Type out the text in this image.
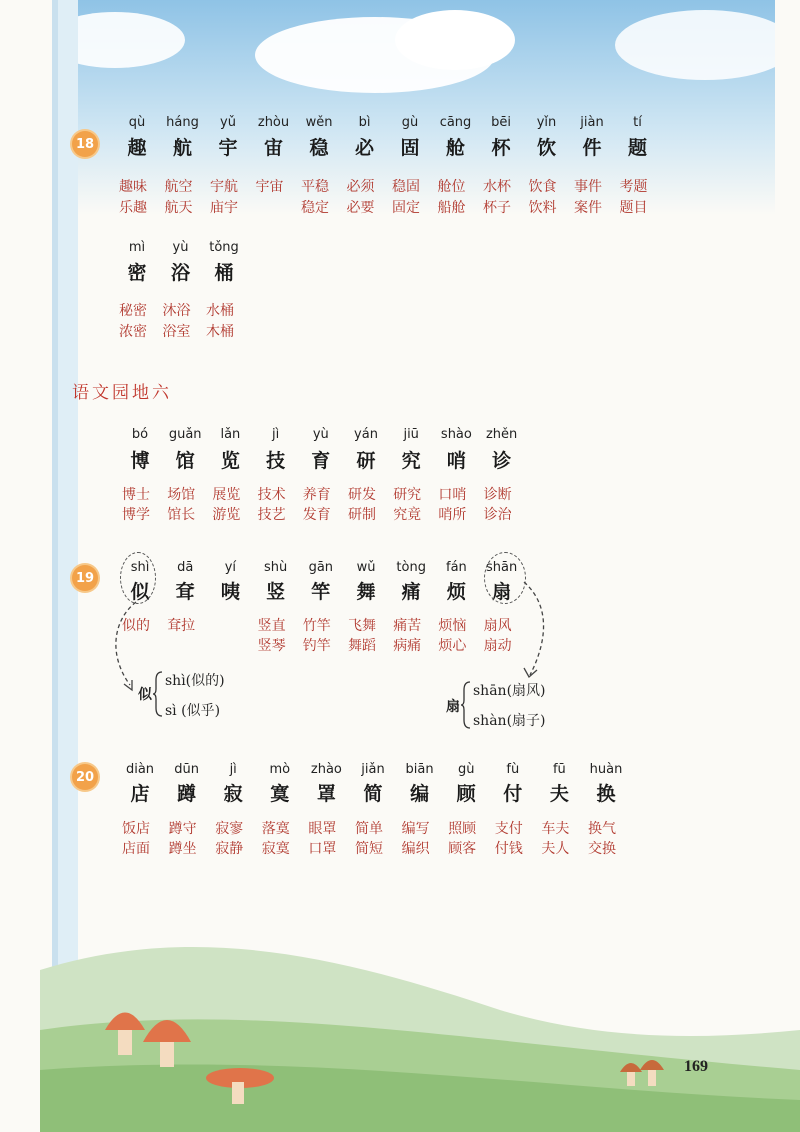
18
qù
趣
趣味
乐趣
háng
航
航空
航天
yǔ
宇
宇航
庙宇
zhòu
宙
宇宙
wěn
稳
平稳
稳定
bì
必
必须
必要
gù
固
稳固
固定
cāng
舱
舱位
船舱
bēi
杯
水杯
杯子
yǐn
饮
饮食
饮料
jiàn
件
事件
案件
tí
题
考题
题目
mì
密
秘密
浓密
yù
浴
沐浴
浴室
tǒng
桶
水桶
木桶
语文园地六
bó
博
博士
博学
guǎn
馆
场馆
馆长
lǎn
览
展览
游览
jì
技
技术
技艺
yù
育
养育
发育
yán
研
研发
研制
jiū
究
研究
究竟
shào
哨
口哨
哨所
zhěn
诊
诊断
诊治
19
shì
似
似的
dā
耷
耷拉
yí
咦
shù
竖
竖直
竖琴
gān
竿
竹竿
钓竿
wǔ
舞
飞舞
舞蹈
tòng
痛
痛苦
病痛
fán
烦
烦恼
烦心
shān
扇
扇风
扇动
似
shì(似的)
sì (似乎)	扇
shān(扇风)
shàn(扇子)
20	diàn
店
饭店
店面
dūn
蹲
蹲守
蹲坐
jì
寂
寂寥
寂静
mò
寞
落寞
寂寞
zhào
罩
眼罩
口罩
jiǎn
简
简单
简短
biān
编
编写
编织
gù
顾
照顾
顾客
fù
付
支付
付钱
fū
夫
车夫
夫人
huàn
换
换气
交换
169
